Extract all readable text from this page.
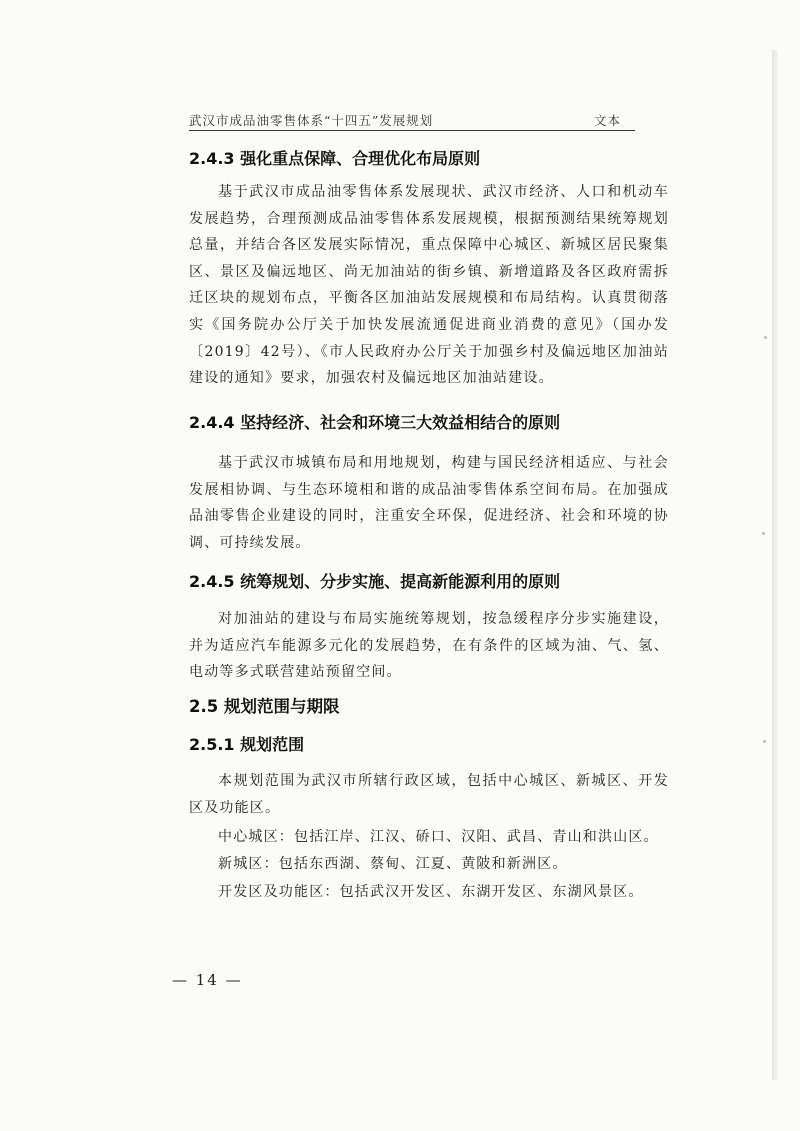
武汉市成品油零售体系“十四五”发展规划	文本
2.4.3 强化重点保障、合理优化布局原则

基于武汉市成品油零售体系发展现状、武汉市经济、人口和机动车发展趋势，合理预测成品油零售体系发展规模，根据预测结果统筹规划总量，并结合各区发展实际情况，重点保障中心城区、新城区居民聚集区、景区及偏远地区、尚无加油站的街乡镇、新增道路及各区政府需拆迁区块的规划布点，平衡各区加油站发展规模和布局结构。认真贯彻落实《国务院办公厅关于加快发展流通促进商业消费的意见》（国办发〔2019〕42号）、《市人民政府办公厅关于加强乡村及偏远地区加油站建设的通知》要求，加强农村及偏远地区加油站建设。

2.4.4 坚持经济、社会和环境三大效益相结合的原则

基于武汉市城镇布局和用地规划，构建与国民经济相适应、与社会发展相协调、与生态环境相和谐的成品油零售体系空间布局。在加强成品油零售企业建设的同时，注重安全环保，促进经济、社会和环境的协调、可持续发展。

2.4.5 统筹规划、分步实施、提高新能源利用的原则

对加油站的建设与布局实施统筹规划，按急缓程序分步实施建设，并为适应汽车能源多元化的发展趋势，在有条件的区域为油、气、氢、电动等多式联营建站预留空间。

2.5 规划范围与期限
2.5.1 规划范围

本规划范围为武汉市所辖行政区域，包括中心城区、新城区、开发区及功能区。

中心城区：包括江岸、江汉、硚口、汉阳、武昌、青山和洪山区。
新城区：包括东西湖、蔡甸、江夏、黄陂和新洲区。
开发区及功能区：包括武汉开发区、东湖开发区、东湖风景区。
— 14 —
